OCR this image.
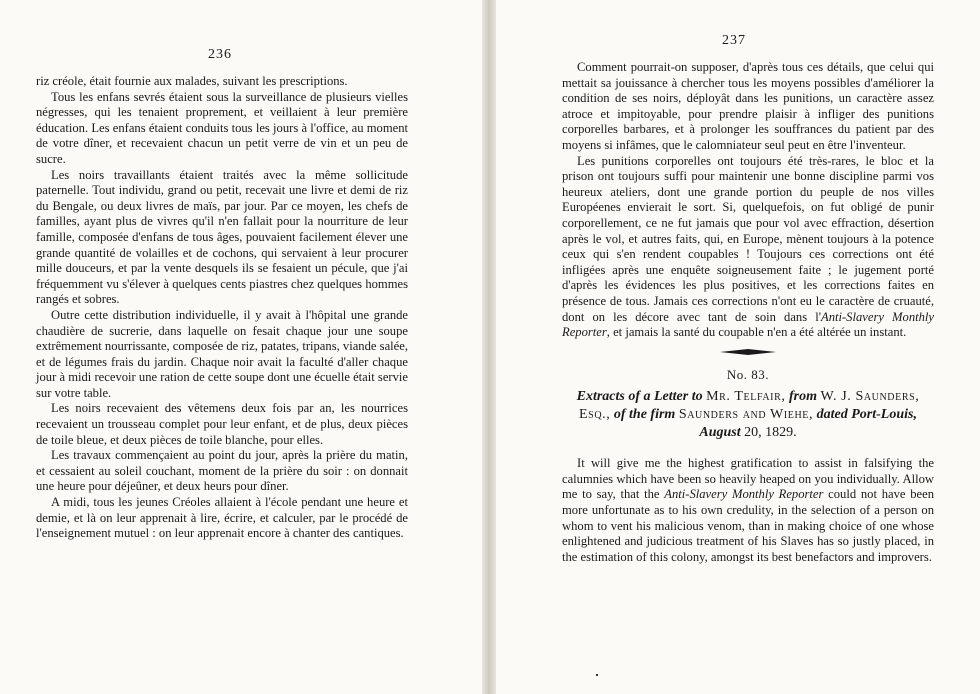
236

riz créole, était fournie aux malades, suivant les prescriptions.

Tous les enfans sevrés étaient sous la surveillance de plusieurs vielles négresses, qui les tenaient proprement, et veillaient à leur première éducation. Les enfans étaient conduits tous les jours à l'office, au moment de votre dîner, et recevaient chacun un petit verre de vin et un peu de sucre.

Les noirs travaillants étaient traités avec la même sollicitude paternelle. Tout individu, grand ou petit, recevait une livre et demi de riz du Bengale, ou deux livres de maïs, par jour. Par ce moyen, les chefs de familles, ayant plus de vivres qu'il n'en fallait pour la nourriture de leur famille, composée d'enfans de tous âges, pouvaient facilement élever une grande quantité de volailles et de cochons, qui servaient à leur procurer mille douceurs, et par la vente desquels ils se fesaient un pécule, que j'ai fréquemment vu s'élever à quelques cents piastres chez quelques hommes rangés et sobres.

Outre cette distribution individuelle, il y avait à l'hôpital une grande chaudière de sucrerie, dans laquelle on fesait chaque jour une soupe extrêmement nourrissante, composée de riz, patates, tripans, viande salée, et de légumes frais du jardin. Chaque noir avait la faculté d'aller chaque jour à midi recevoir une ration de cette soupe dont une écuelle était servie sur votre table.

Les noirs recevaient des vêtemens deux fois par an, les nourrices recevaient un trousseau complet pour leur enfant, et de plus, deux pièces de toile bleue, et deux pièces de toile blanche, pour elles.

Les travaux commençaient au point du jour, après la prière du matin, et cessaient au soleil couchant, moment de la prière du soir : on donnait une heure pour déjeûner, et deux heurs pour dîner.

A midi, tous les jeunes Créoles allaient à l'école pendant une heure et demie, et là on leur apprenait à lire, écrire, et calculer, par le procédé de l'enseignement mutuel : on leur apprenait encore à chanter des cantiques.

237

Comment pourrait-on supposer, d'après tous ces détails, que celui qui mettait sa jouissance à chercher tous les moyens possibles d'améliorer la condition de ses noirs, déployât dans les punitions, un caractère assez atroce et impitoyable, pour prendre plaisir à infliger des punitions corporelles barbares, et à prolonger les souffrances du patient par des moyens si infâmes, que le calomniateur seul peut en être l'inventeur.

Les punitions corporelles ont toujours été très-rares, le bloc et la prison ont toujours suffi pour maintenir une bonne discipline parmi vos heureux ateliers, dont une grande portion du peuple de nos villes Européenes envierait le sort. Si, quelquefois, on fut obligé de punir corporellement, ce ne fut jamais que pour vol avec effraction, désertion après le vol, et autres faits, qui, en Europe, mènent toujours à la potence ceux qui s'en rendent coupables ! Toujours ces corrections ont été infligées après une enquête soigneusement faite ; le jugement porté d'après les évidences les plus positives, et les corrections faites en présence de tous. Jamais ces corrections n'ont eu le caractère de cruauté, dont on les décore avec tant de soin dans l'Anti-Slavery Monthly Reporter, et jamais la santé du coupable n'en a été altérée un instant.

No. 83.
Extracts of a Letter to Mr. Telfair, from W. J. Saunders, Esq., of the firm Saunders and Wiehe, dated Port-Louis, August 20, 1829.

It will give me the highest gratification to assist in falsifying the calumnies which have been so heavily heaped on you individually. Allow me to say, that the Anti-Slavery Monthly Reporter could not have been more unfortunate as to his own credulity, in the selection of a person on whom to vent his malicious venom, than in making choice of one whose enlightened and judicious treatment of his Slaves has so justly placed, in the estimation of this colony, amongst its best benefactors and improvers.
